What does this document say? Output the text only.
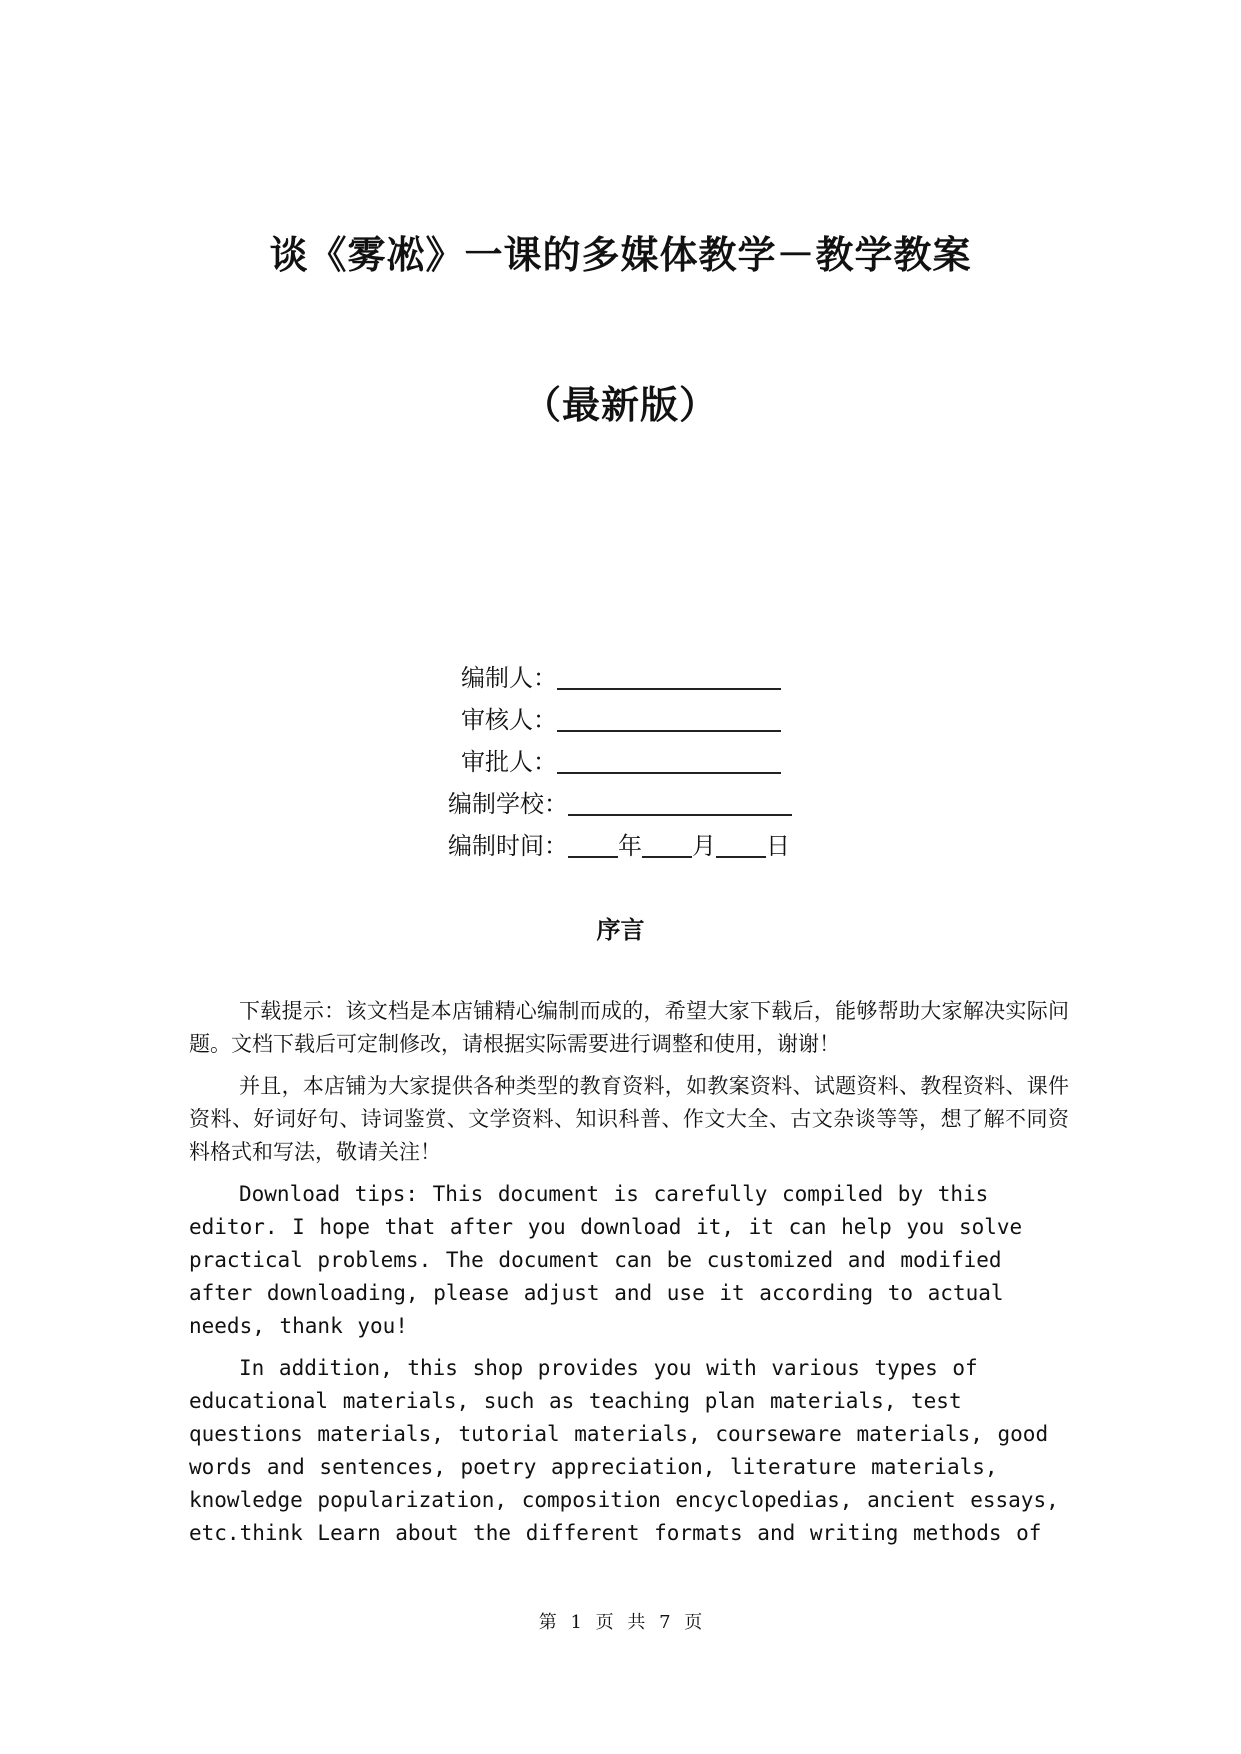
谈《雾凇》一课的多媒体教学－教学教案
（最新版）
编制人：
审核人：
审批人：
编制学校：
编制时间： 年 月 日
序言

下载提示：该文档是本店铺精心编制而成的，希望大家下载后，能够帮助大家解决实际问题。文档下载后可定制修改，请根据实际需要进行调整和使用，谢谢！

并且，本店铺为大家提供各种类型的教育资料，如教案资料、试题资料、教程资料、课件资料、好词好句、诗词鉴赏、文学资料、知识科普、作文大全、古文杂谈等等，想了解不同资料格式和写法，敬请关注！

Download tips: This document is carefully compiled by this editor. I hope that after you download it, it can help you solve practical problems. The document can be customized and modified after downloading, please adjust and use it according to actual needs, thank you!

In addition, this shop provides you with various types of educational materials, such as teaching plan materials, test questions materials, tutorial materials, courseware materials, good words and sentences, poetry appreciation, literature materials, knowledge popularization, composition encyclopedias, ancient essays, etc.think Learn about the different formats and writing methods of

第 1 页 共 7 页
